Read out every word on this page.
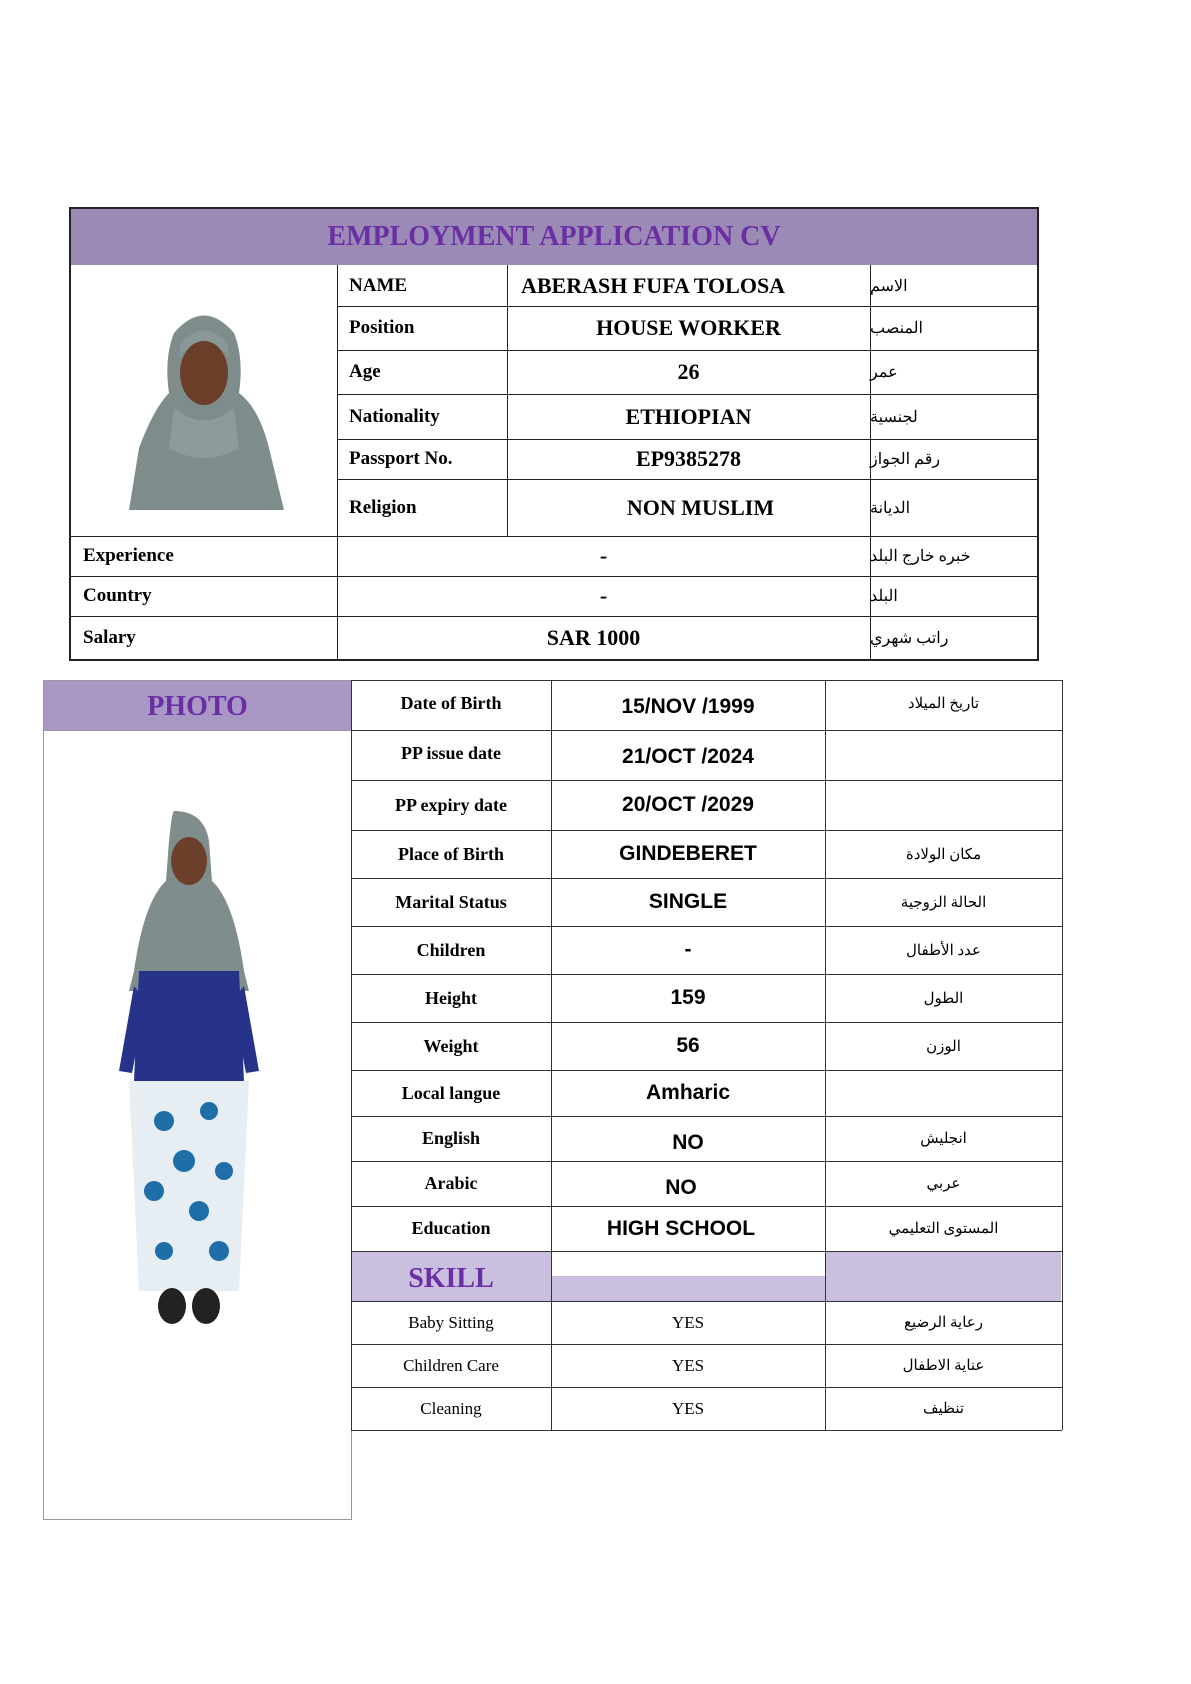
EMPLOYMENT APPLICATION CV
NAME	ABERASH FUFA TOLOSA	الاسم
Position	HOUSE WORKER	المنصب
Age	26	عمر
Nationality	ETHIOPIAN	لجنسية
Passport No.	EP9385278	رقم الجواز
Religion	NON MUSLIM	الديانة
Experience	-	خبره خارج البلد
Country	-	البلد
Salary	SAR 1000	راتب شهري
PHOTO	Date of Birth	15/NOV /1999	تاريخ الميلاد
PP issue date	21/OCT /2024
PP expiry date	20/OCT /2029
Place of Birth	GINDEBERET	مكان الولادة
Marital Status	SINGLE	الحالة الزوجية
Children	-	عدد الأطفال
Height	159	الطول
Weight	56	الوزن
Local langue	Amharic
English	NO	انجليش
Arabic	NO	عربي
Education	HIGH SCHOOL	المستوى التعليمي
SKILL
Baby Sitting	YES	رعاية الرضيع
Children Care	YES	عناية الاطفال
Cleaning	YES	تنظيف
